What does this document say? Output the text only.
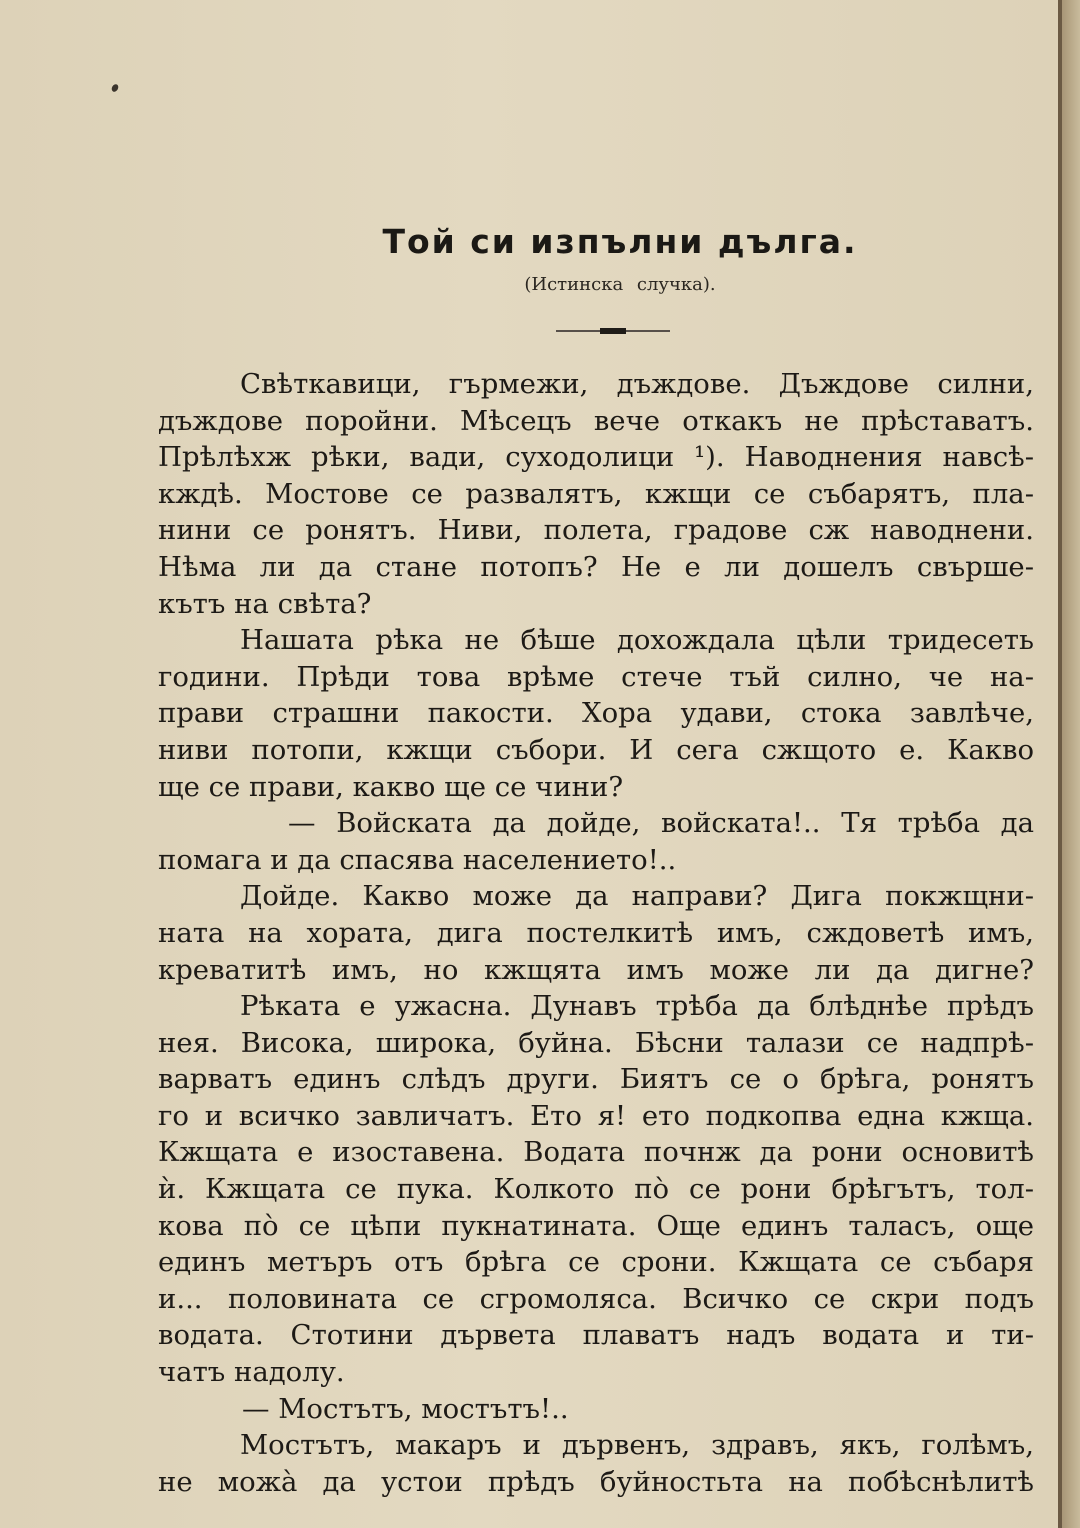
Той си изпълни дълга.
(Истинска случка).
Свѣткавици, гърмежи, дъждове. Дъждове силни,
дъждове поройни. Мѣсецъ вече откакъ не прѣставатъ.
Прѣлѣхж рѣки, вади, суходолици ¹). Наводнения навсѣ-
кждѣ. Мостове се развалятъ, кжщи се събарятъ, пла-
нини се ронятъ. Ниви, полета, градове сж наводнени.
Нѣма ли да стане потопъ? Не е ли дошелъ свърше-
кътъ на свѣта?
Нашата рѣка не бѣше дохождала цѣли тридесеть
години. Прѣди това врѣме стече тъй силно, че на-
прави страшни пакости. Хора удави, стока завлѣче,
ниви потопи, кжщи събори. И сега сжщото е. Какво
ще се прави, какво ще се чини?
— Войската да дойде, войската!.. Тя трѣба да
помага и да спасява населението!..
Дойде. Какво може да направи? Дига покжщни-
ната на хората, дига постелкитѣ имъ, сждоветѣ имъ,
креватитѣ имъ, но кжщята имъ може ли да дигне?
Рѣката е ужасна. Дунавъ трѣба да блѣднѣе прѣдъ
нея. Висока, широка, буйна. Бѣсни талази се надпрѣ-
варватъ единъ слѣдъ други. Биятъ се о брѣга, ронятъ
го и всичко завличатъ. Ето я! ето подкопва една кжща.
Кжщата е изоставена. Водата почнж да рони основитѣ
ѝ. Кжщата се пука. Колкото пò се рони брѣгътъ, тол-
кова пò се цѣпи пукнатината. Още единъ таласъ, още
единъ метъръ отъ брѣга се срони. Кжщата се събаря
и... половината се сгромоляса. Всичко се скри подъ
водата. Стотини дървета плаватъ надъ водата и ти-
чатъ надолу.
— Мостътъ, мостътъ!..
Мостътъ, макаръ и дървенъ, здравъ, якъ, голѣмъ,
не можà да устои прѣдъ буйностьта на побѣснѣлитѣ
